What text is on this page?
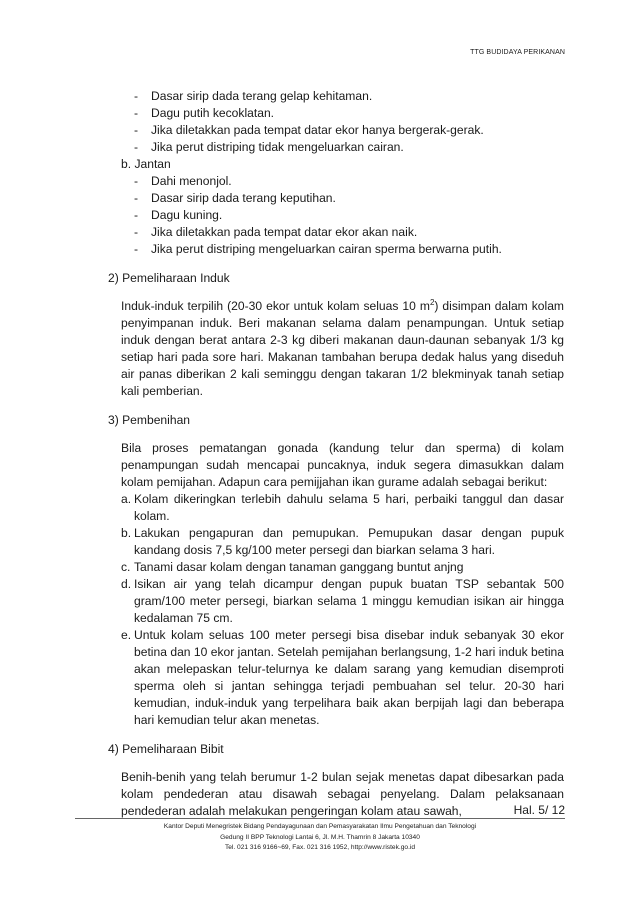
TTG BUDIDAYA PERIKANAN
- Dasar sirip dada terang gelap kehitaman.
- Dagu putih kecoklatan.
- Jika diletakkan pada tempat datar ekor hanya bergerak-gerak.
- Jika perut distriping tidak mengeluarkan cairan.
b. Jantan
- Dahi menonjol.
- Dasar sirip dada terang keputihan.
- Dagu kuning.
- Jika diletakkan pada tempat datar ekor akan naik.
- Jika perut distriping mengeluarkan cairan sperma berwarna putih.
2) Pemeliharaan Induk
Induk-induk terpilih (20-30 ekor untuk kolam seluas 10 $m^2$) disimpan dalam kolam penyimpanan induk. Beri makanan selama dalam penampungan. Untuk setiap induk dengan berat antara 2-3 kg diberi makanan daun-daunan sebanyak 1/3 kg setiap hari pada sore hari. Makanan tambahan berupa dedak halus yang diseduh air panas diberikan 2 kali seminggu dengan takaran 1/2 blekminyak tanah setiap kali pemberian.
3) Pembenihan
Bila proses pematangan gonada (kandung telur dan sperma) di kolam penampungan sudah mencapai puncaknya, induk segera dimasukkan dalam kolam pemijahan. Adapun cara pemijjahan ikan gurame adalah sebagai berikut:
a. Kolam dikeringkan terlebih dahulu selama 5 hari, perbaiki tanggul dan dasar kolam.
b. Lakukan pengapuran dan pemupukan. Pemupukan dasar dengan pupuk kandang dosis 7,5 kg/100 meter persegi dan biarkan selama 3 hari.
c. Tanami dasar kolam dengan tanaman ganggang buntut anjng
d. Isikan air yang telah dicampur dengan pupuk buatan TSP sebantak 500 gram/100 meter persegi, biarkan selama 1 minggu kemudian isikan air hingga kedalaman 75 cm.
e. Untuk kolam seluas 100 meter persegi bisa disebar induk sebanyak 30 ekor betina dan 10 ekor jantan. Setelah pemijahan berlangsung, 1-2 hari induk betina akan melepaskan telur-telurnya ke dalam sarang yang kemudian disemproti sperma oleh si jantan sehingga terjadi pembuahan sel telur. 20-30 hari kemudian, induk-induk yang terpelihara baik akan berpijah lagi dan beberapa hari kemudian telur akan menetas.
4) Pemeliharaan Bibit
Benih-benih yang telah berumur 1-2 bulan sejak menetas dapat dibesarkan pada kolam pendederan atau disawah sebagai penyelang. Dalam pelaksanaan pendederan adalah melakukan pengeringan kolam atau sawah,	Hal. 5/ 12
Kantor Deputi Menegristek Bidang Pendayagunaan dan Pemasyarakatan Ilmu Pengetahuan dan Teknologi
Gedung II BPP Teknologi Lantai 6, Jl. M.H. Thamrin 8 Jakarta 10340
Tel. 021 316 9166~69, Fax. 021 316 1952, http://www.ristek.go.id
